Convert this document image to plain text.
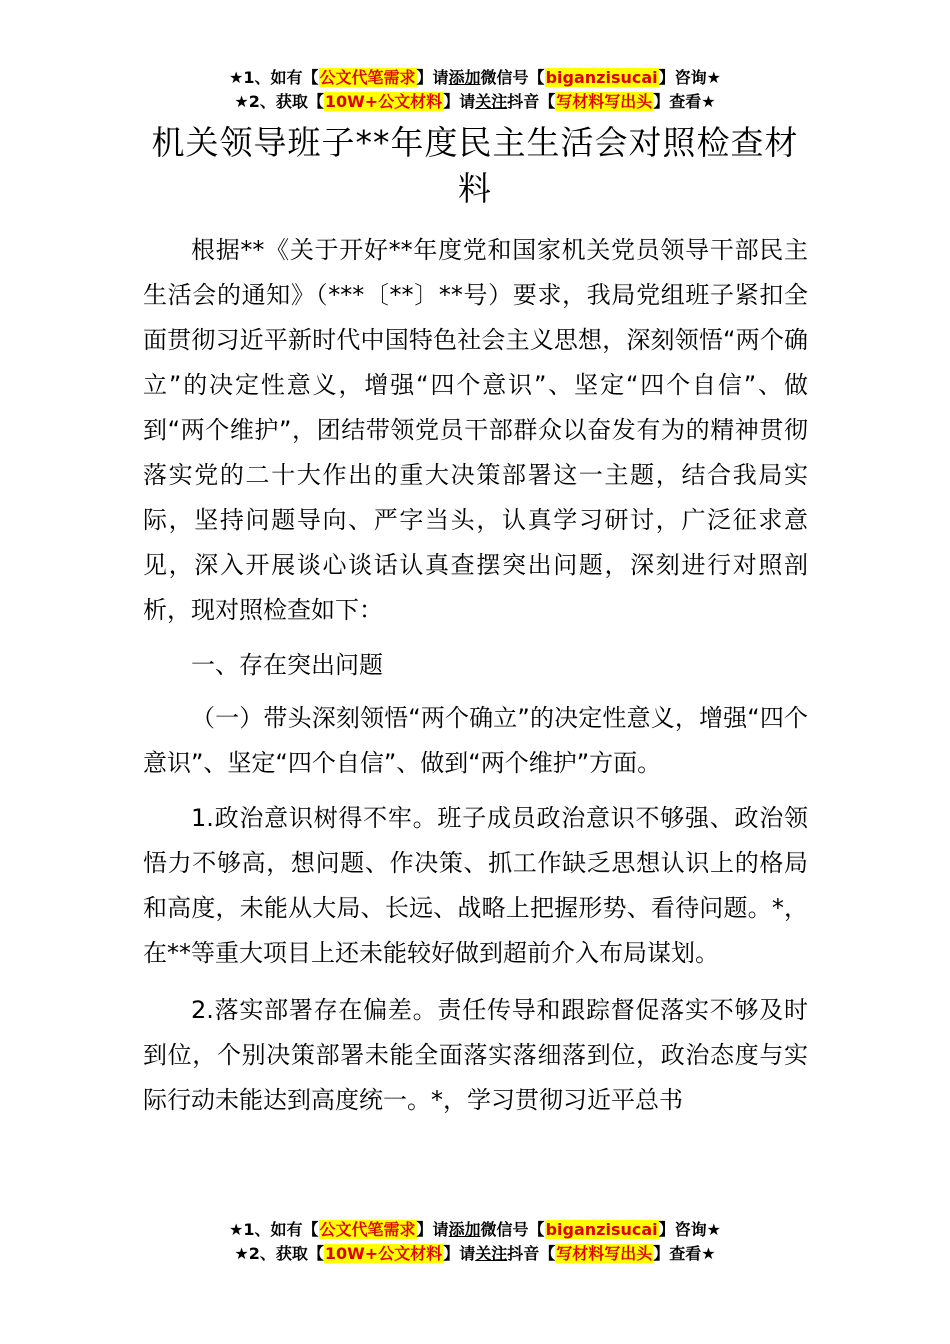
★1、如有【公文代笔需求】请添加微信号【biganzisucai】咨询★
★2、获取【10W+公文材料】请关注抖音【写材料写出头】查看★
机关领导班子**年度民主生活会对照检查材料

根据**《关于开好**年度党和国家机关党员领导干部民主生活会的通知》（***〔**〕**号）要求，我局党组班子紧扣全面贯彻习近平新时代中国特色社会主义思想，深刻领悟“两个确立”的决定性意义，增强“四个意识”、坚定“四个自信”、做到“两个维护”，团结带领党员干部群众以奋发有为的精神贯彻落实党的二十大作出的重大决策部署这一主题，结合我局实际，坚持问题导向、严字当头，认真学习研讨，广泛征求意见，深入开展谈心谈话认真查摆突出问题，深刻进行对照剖析，现对照检查如下：

一、存在突出问题

（一）带头深刻领悟“两个确立”的决定性意义，增强“四个意识”、坚定“四个自信”、做到“两个维护”方面。

1.政治意识树得不牢。班子成员政治意识不够强、政治领悟力不够高，想问题、作决策、抓工作缺乏思想认识上的格局和高度，未能从大局、长远、战略上把握形势、看待问题。*，在**等重大项目上还未能较好做到超前介入布局谋划。

2.落实部署存在偏差。责任传导和跟踪督促落实不够及时到位，个别决策部署未能全面落实落细落到位，政治态度与实际行动未能达到高度统一。*，学习贯彻习近平总书

★1、如有【公文代笔需求】请添加微信号【biganzisucai】咨询★
★2、获取【10W+公文材料】请关注抖音【写材料写出头】查看★
